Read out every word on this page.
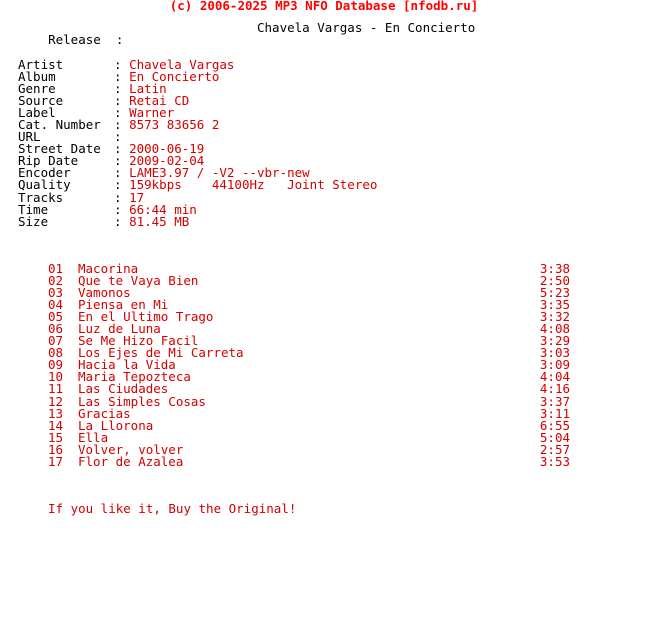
(c) 2006-2025 MP3 NFO Database [nfodb.ru]

Release  :

Chavela Vargas - En Concierto
Artist	: Chavela Vargas
Album	: En Concierto
Genre	: Latin
Source	: Retai CD
Label	: Warner
Cat. Number : 8573 83656 2
URL	:
Street Date : 2000-06-19
Rip Date	: 2009-02-04
Encoder	: LAME3.97 / -V2 --vbr-new
Quality	: 159kbps    44100Hz   Joint Stereo
Tracks	: 17
Time	: 66:44 min
Size	: 81.45 MB
01 Macorina	3:38
02 Que te Vaya Bien	2:50
03 Vamonos	5:23
04 Piensa en Mi	3:35
05 En el Ultimo Trago	3:32
06 Luz de Luna	4:08
07 Se Me Hizo Facil	3:29
08 Los Ejes de Mi Carreta	3:03
09 Hacia la Vida	3:09
10 Maria Tepozteca	4:04
11 Las Ciudades	4:16
12 Las Simples Cosas	3:37
13 Gracias	3:11
14 La Llorona	6:55
15 Ella	5:04
16 Volver, volver	2:57
17 Flor de Azalea	3:53
If you like it, Buy the Original!
